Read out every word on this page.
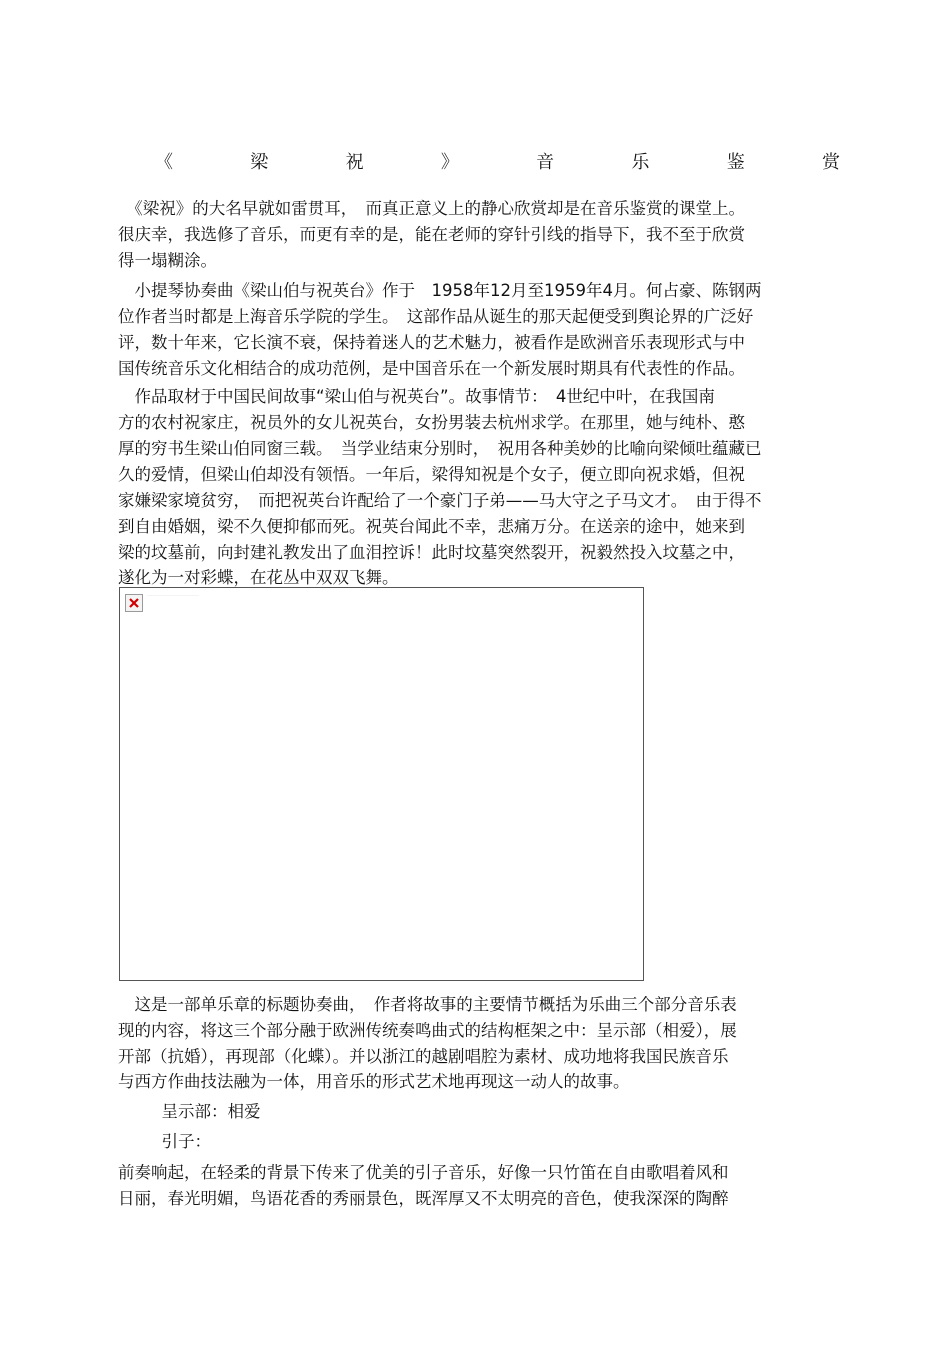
《	梁	祝	》	音	乐	鉴	赏
　《梁祝》的大名早就如雷贯耳，　而真正意义上的静心欣赏却是在音乐鉴赏的课堂上。
很庆幸，我选修了音乐，而更有幸的是，能在老师的穿针引线的指导下，我不至于欣赏
得一塌糊涂。
　小提琴协奏曲《梁山伯与祝英台》作于　1958年12月至1959年4月。何占豪、陈钢两
位作者当时都是上海音乐学院的学生。　这部作品从诞生的那天起便受到舆论界的广泛好
评，数十年来，它长演不衰，保持着迷人的艺术魅力，被看作是欧洲音乐表现形式与中
国传统音乐文化相结合的成功范例，是中国音乐在一个新发展时期具有代表性的作品。
　作品取材于中国民间故事“梁山伯与祝英台”。故事情节：　4世纪中叶，在我国南
方的农村祝家庄，祝员外的女儿祝英台，女扮男装去杭州求学。在那里，她与纯朴、憨
厚的穷书生梁山伯同窗三载。　当学业结束分别时，　祝用各种美妙的比喻向梁倾吐蕴藏已
久的爱情，但梁山伯却没有领悟。一年后，梁得知祝是个女子，便立即向祝求婚，但祝
家嫌梁家境贫穷，　而把祝英台许配给了一个豪门子弟——马大守之子马文才。　由于得不
到自由婚姻，梁不久便抑郁而死。祝英台闻此不幸，悲痛万分。在送亲的途中，她来到
梁的坟墓前，向封建礼教发出了血泪控诉！此时坟墓突然裂开，祝毅然投入坟墓之中，
遂化为一对彩蝶，在花丛中双双飞舞。
……………………………………………………………………
　这是一部单乐章的标题协奏曲，　作者将故事的主要情节概括为乐曲三个部分音乐表
现的内容，将这三个部分融于欧洲传统奏鸣曲式的结构框架之中：呈示部（相爱），展
开部（抗婚），再现部（化蝶）。并以浙江的越剧唱腔为素材、成功地将我国民族音乐
与西方作曲技法融为一体，用音乐的形式艺术地再现这一动人的故事。
　呈示部：相爱
　引子：
前奏响起，在轻柔的背景下传来了优美的引子音乐，好像一只竹笛在自由歌唱着风和
日丽，春光明媚，鸟语花香的秀丽景色，既浑厚又不太明亮的音色，使我深深的陶醉
